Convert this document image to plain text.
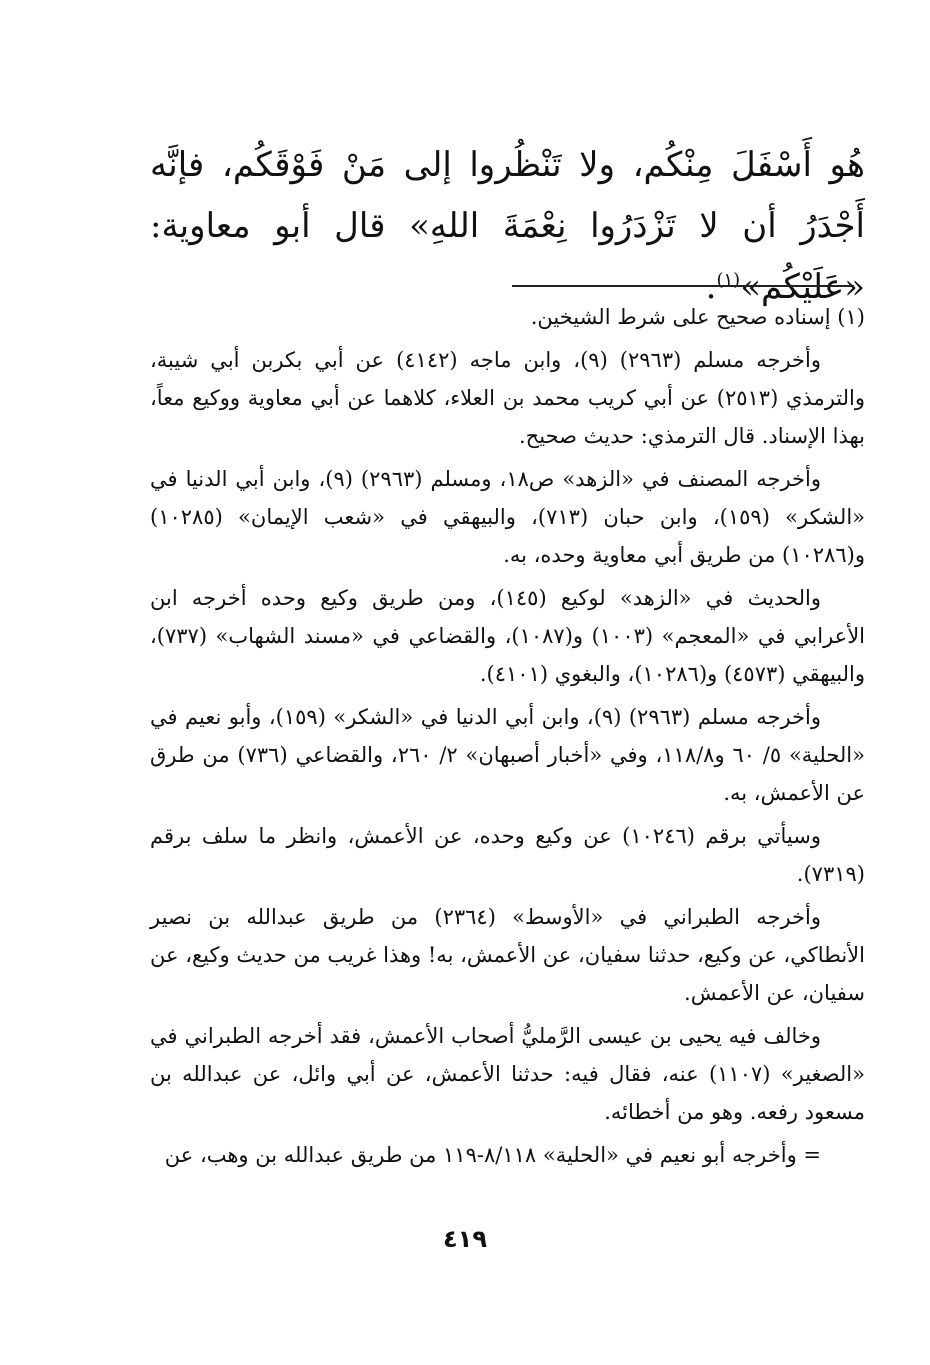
هُو أَسْفَلَ مِنْكُم، ولا تَنْظُروا إلى مَنْ فَوْقَكُم، فإنَّه أَجْدَرُ أن لا تَزْدَرُوا نِعْمَةَ اللهِ» قال أبو معاوية: «عَلَيْكُم»$^{(١)}$.

(١) إسناده صحيح على شرط الشيخين.

وأخرجه مسلم (٢٩٦٣) (٩)، وابن ماجه (٤١٤٢) عن أبي بكربن أبي شيبة، والترمذي (٢٥١٣) عن أبي كريب محمد بن العلاء، كلاهما عن أبي معاوية ووكيع معاً، بهذا الإسناد. قال الترمذي: حديث صحيح.

وأخرجه المصنف في «الزهد» ص١٨، ومسلم (٢٩٦٣) (٩)، وابن أبي الدنيا في «الشكر» (١٥٩)، وابن حبان (٧١٣)، والبيهقي في «شعب الإيمان» (١٠٢٨٥) و(١٠٢٨٦) من طريق أبي معاوية وحده، به.

والحديث في «الزهد» لوكيع (١٤٥)، ومن طريق وكيع وحده أخرجه ابن الأعرابي في «المعجم» (١٠٠٣) و(١٠٨٧)، والقضاعي في «مسند الشهاب» (٧٣٧)، والبيهقي (٤٥٧٣) و(١٠٢٨٦)، والبغوي (٤١٠١).

وأخرجه مسلم (٢٩٦٣) (٩)، وابن أبي الدنيا في «الشكر» (١٥٩)، وأبو نعيم في «الحلية» ٥/ ٦٠ و١١٨/٨، وفي «أخبار أصبهان» ٢/ ٢٦٠، والقضاعي (٧٣٦) من طرق عن الأعمش، به.

وسيأتي برقم (١٠٢٤٦) عن وكيع وحده، عن الأعمش، وانظر ما سلف برقم (٧٣١٩).

وأخرجه الطبراني في «الأوسط» (٢٣٦٤) من طريق عبدالله بن نصير الأنطاكي، عن وكيع، حدثنا سفيان، عن الأعمش، به! وهذا غريب من حديث وكيع، عن سفيان، عن الأعمش.

وخالف فيه يحيى بن عيسى الرَّمليُّ أصحاب الأعمش، فقد أخرجه الطبراني في «الصغير» (١١٠٧) عنه، فقال فيه: حدثنا الأعمش، عن أبي وائل، عن عبدالله بن مسعود رفعه. وهو من أخطائه.

= وأخرجه أبو نعيم في «الحلية» ٨/١١٨-١١٩ من طريق عبدالله بن وهب، عن

٤١٩
